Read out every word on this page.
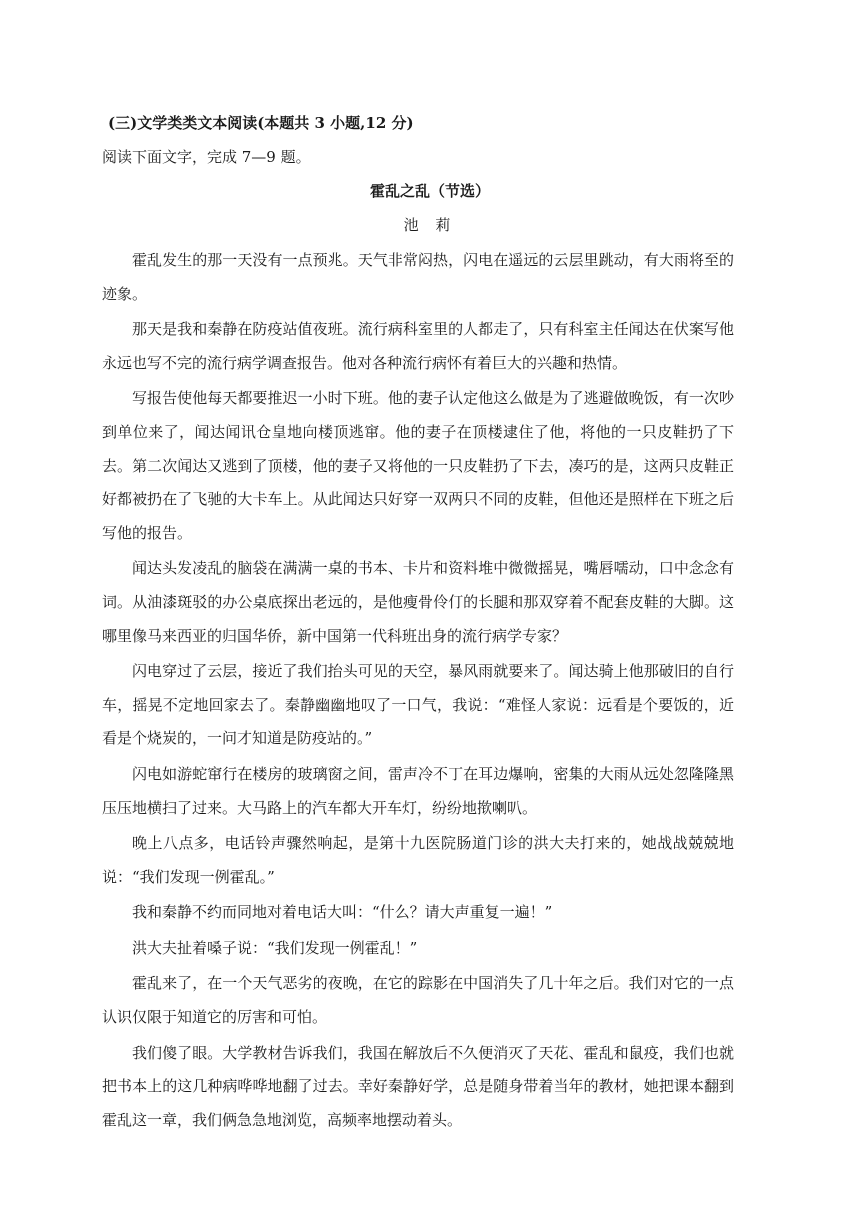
(三)文学类类文本阅读(本题共 3 小题,12 分)
阅读下面文字，完成 7—9 题。
霍乱之乱（节选）
池 莉

霍乱发生的那一天没有一点预兆。天气非常闷热，闪电在遥远的云层里跳动，有大雨将至的迹象。

那天是我和秦静在防疫站值夜班。流行病科室里的人都走了，只有科室主任闻达在伏案写他永远也写不完的流行病学调查报告。他对各种流行病怀有着巨大的兴趣和热情。

写报告使他每天都要推迟一小时下班。他的妻子认定他这么做是为了逃避做晚饭，有一次吵到单位来了，闻达闻讯仓皇地向楼顶逃窜。他的妻子在顶楼逮住了他，将他的一只皮鞋扔了下去。第二次闻达又逃到了顶楼，他的妻子又将他的一只皮鞋扔了下去，凑巧的是，这两只皮鞋正好都被扔在了飞驰的大卡车上。从此闻达只好穿一双两只不同的皮鞋，但他还是照样在下班之后写他的报告。

闻达头发凌乱的脑袋在满满一桌的书本、卡片和资料堆中微微摇晃，嘴唇嚅动，口中念念有词。从油漆斑驳的办公桌底探出老远的，是他瘦骨伶仃的长腿和那双穿着不配套皮鞋的大脚。这哪里像马来西亚的归国华侨，新中国第一代科班出身的流行病学专家？

闪电穿过了云层，接近了我们抬头可见的天空，暴风雨就要来了。闻达骑上他那破旧的自行车，摇晃不定地回家去了。秦静幽幽地叹了一口气，我说：“难怪人家说：远看是个要饭的，近看是个烧炭的，一问才知道是防疫站的。”

闪电如游蛇窜行在楼房的玻璃窗之间，雷声冷不丁在耳边爆响，密集的大雨从远处忽隆隆黑压压地横扫了过来。大马路上的汽车都大开车灯，纷纷地揿喇叭。

晚上八点多，电话铃声骤然响起，是第十九医院肠道门诊的洪大夫打来的，她战战兢兢地说：“我们发现一例霍乱。”

我和秦静不约而同地对着电话大叫：“什么？请大声重复一遍！”

洪大夫扯着嗓子说：“我们发现一例霍乱！”

霍乱来了，在一个天气恶劣的夜晚，在它的踪影在中国消失了几十年之后。我们对它的一点认识仅限于知道它的厉害和可怕。

我们傻了眼。大学教材告诉我们，我国在解放后不久便消灭了天花、霍乱和鼠疫，我们也就把书本上的这几种病哗哗地翻了过去。幸好秦静好学，总是随身带着当年的教材，她把课本翻到霍乱这一章，我们俩急急地浏览，高频率地摆动着头。
